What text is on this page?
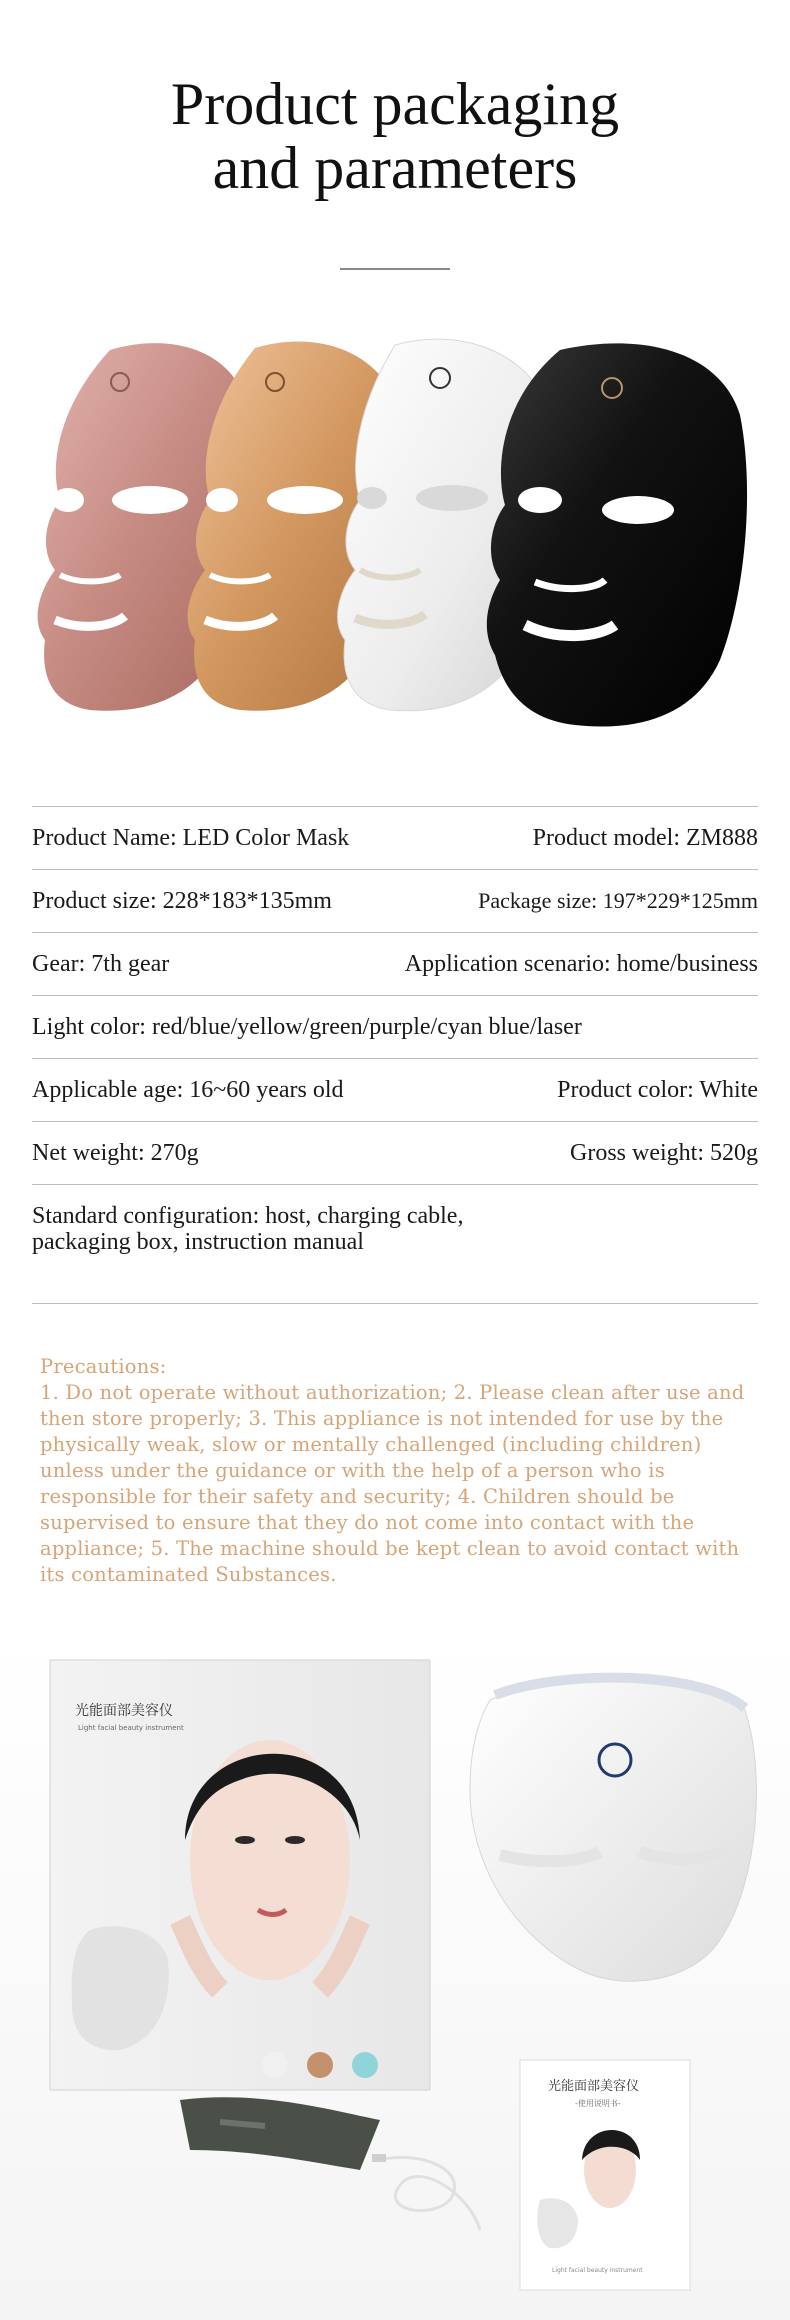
Product packaging
and parameters
Product Name: LED Color Mask	Product model: ZM888
Product size: 228*183*135mm	Package size: 197*229*125mm
Gear: 7th gear	Application scenario: home/business
Light color: red/blue/yellow/green/purple/cyan blue/laser
Applicable age: 16~60 years old	Product color: White
Net weight: 270g	Gross weight: 520g
Standard configuration: host, charging cable, packaging box, instruction manual
Precautions:
1. Do not operate without authorization; 2. Please clean after use and then store properly; 3. This appliance is not intended for use by the physically weak, slow or mentally challenged (including children) unless under the guidance or with the help of a person who is responsible for their safety and security; 4. Children should be supervised to ensure that they do not come into contact with the appliance; 5. The machine should be kept clean to avoid contact with its contaminated Substances.
光能面部美容仪
Light facial beauty instrument
光能面部美容仪
-使用说明书-
Light facial beauty instrument
